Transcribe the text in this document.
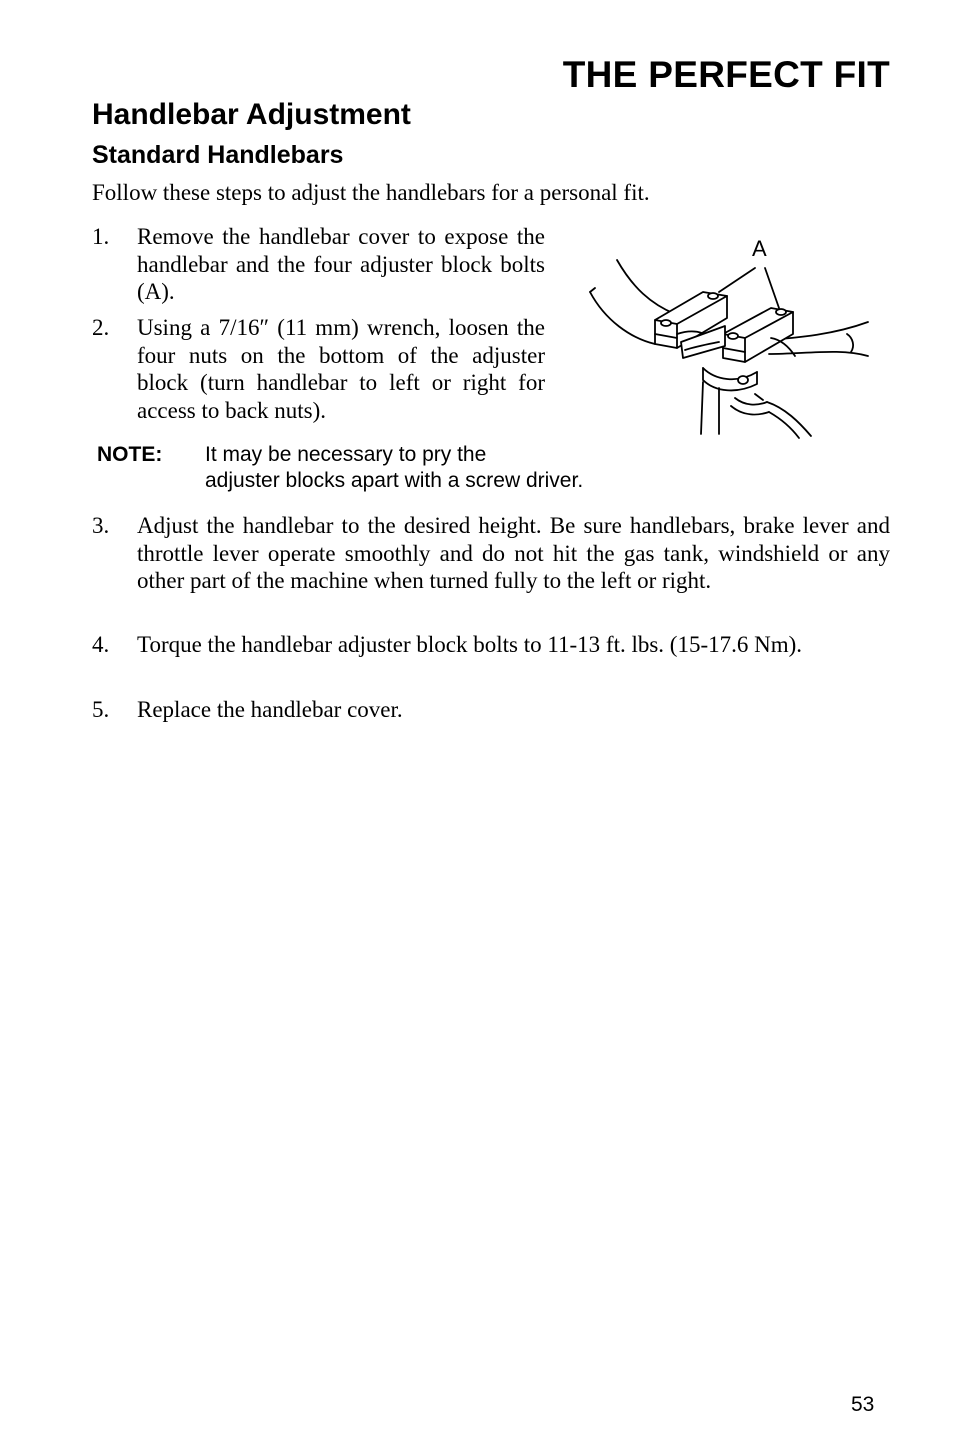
THE PERFECT FIT
Handlebar Adjustment
Standard Handlebars

Follow these steps to adjust the handlebars for a personal fit.

1. Remove the handlebar cover to expose the handlebar and the four adjuster block bolts (A).
2. Using a 7/16″ (11 mm) wrench, loosen the four nuts on the bottom of the adjuster block (turn handlebar to left or right for access to back nuts).
A
NOTE: It may be necessary to pry the
adjuster blocks apart with a screw driver.
3. Adjust the handlebar to the desired height. Be sure handlebars, brake lever and throttle lever operate smoothly and do not hit the gas tank, windshield or any other part of the machine when turned fully to the left or right.
4. Torque the handlebar adjuster block bolts to 11-13 ft. lbs. (15-17.6 Nm).
5. Replace the handlebar cover.
53
